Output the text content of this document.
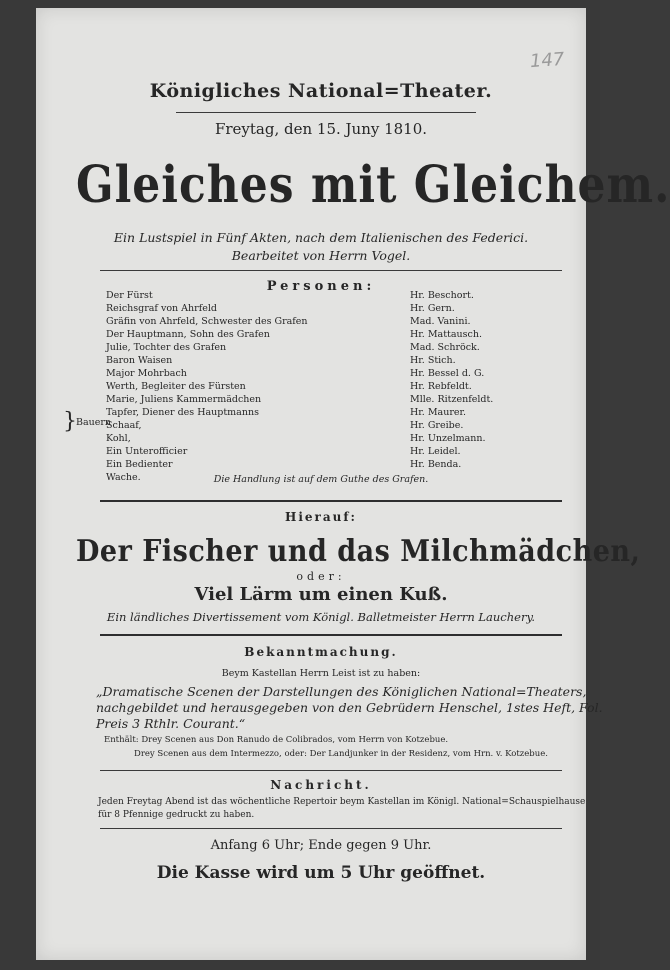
147
Königliches National=Theater.
Freytag, den 15. Juny 1810.
Gleiches mit Gleichem.
Ein Lustspiel in Fünf Akten, nach dem Italienischen des Federici.
Bearbeitet von Herrn Vogel.
Personen:
Der Fürst	Hr. Beschort.
Reichsgraf von Ahrfeld	Hr. Gern.
Gräfin von Ahrfeld, Schwester des Grafen	Mad. Vanini.
Der Hauptmann, Sohn des Grafen	Hr. Mattausch.
Julie, Tochter des Grafen	Mad. Schröck.
Baron Waisen	Hr. Stich.
Major Mohrbach	Hr. Bessel d. G.
Werth, Begleiter des Fürsten	Hr. Rebfeldt.
Marie, Juliens Kammermädchen	Mlle. Ritzenfeldt.
Tapfer, Diener des Hauptmanns	Hr. Maurer.
Schaaf,	Hr. Greibe.
Kohl,	Hr. Unzelmann.
Ein Unterofficier	Hr. Leidel.
Ein Bedienter	Hr. Benda.
Wache.
} Bauern
Die Handlung ist auf dem Guthe des Grafen.
Hierauf:
Der Fischer und das Milchmädchen,
oder:
Viel Lärm um einen Kuß.
Ein ländliches Divertissement vom Königl. Balletmeister Herrn Lauchery.
Bekanntmachung.
Beym Kastellan Herrn Leist ist zu haben:
„Dramatische Scenen der Darstellungen des Königlichen National=Theaters,
nachgebildet und herausgegeben von den Gebrüdern Henschel, 1stes Heft, Fol.
Preis 3 Rthlr. Courant.“
Enthält: Drey Scenen aus Don Ranudo de Colibrados, vom Herrn von Kotzebue.
Drey Scenen aus dem Intermezzo, oder: Der Landjunker in der Residenz, vom Hrn. v. Kotzebue.
Nachricht.
Jeden Freytag Abend ist das wöchentliche Repertoir beym Kastellan im Königl. National=Schauspielhause
für 8 Pfennige gedruckt zu haben.
Anfang 6 Uhr; Ende gegen 9 Uhr.
Die Kasse wird um 5 Uhr geöffnet.
